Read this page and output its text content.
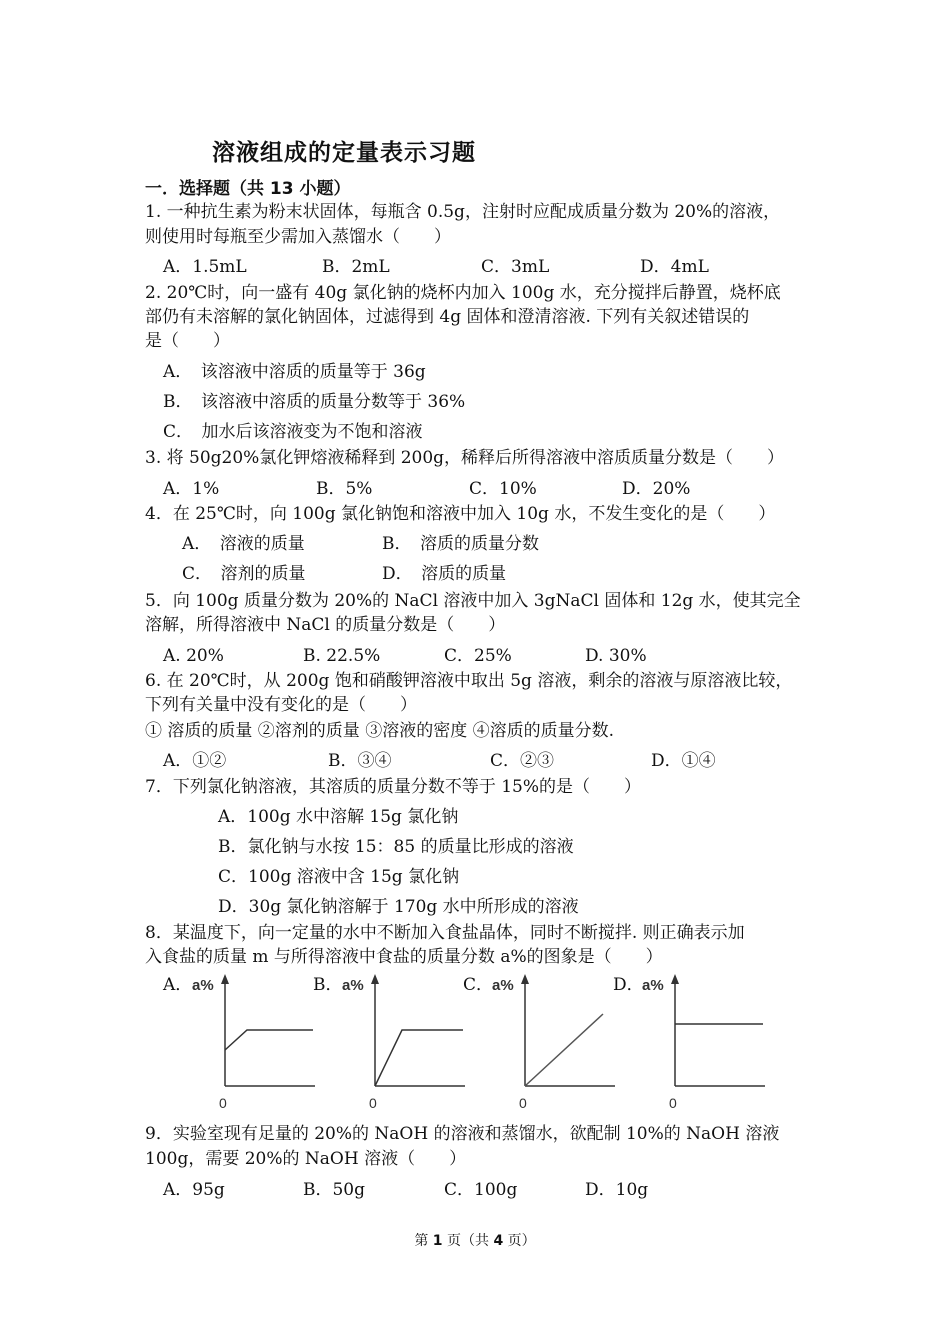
溶液组成的定量表示习题
一．选择题（共 13 小题）
1. 一种抗生素为粉末状固体，每瓶含 0.5g，注射时应配成质量分数为 20%的溶液，
则使用时每瓶至少需加入蒸馏水（　　）
A．1.5mL	B．2mL	C．3mL	D．4mL
2. 20℃时，向一盛有 40g 氯化钠的烧杯内加入 100g 水，充分搅拌后静置，烧杯底
部仍有未溶解的氯化钠固体，过滤得到 4g 固体和澄清溶液. 下列有关叙述错误的
是（　　）
A．　该溶液中溶质的质量等于 36g
B．　该溶液中溶质的质量分数等于 36%
C．　加水后该溶液变为不饱和溶液
3. 将 50g20%氯化钾熔液稀释到 200g，稀释后所得溶液中溶质质量分数是（　　）
A．1%	B．5%	C．10%	D．20%
4．在 25℃时，向 100g 氯化钠饱和溶液中加入 10g 水，不发生变化的是（　　）
A．　溶液的质量	B．　溶质的质量分数
C．　溶剂的质量	D．　溶质的质量
5．向 100g 质量分数为 20%的 NaCl 溶液中加入 3gNaCl 固体和 12g 水，使其完全
溶解，所得溶液中 NaCl 的质量分数是（　　）
A. 20%	B. 22.5%	C．25%	D. 30%
6. 在 20℃时，从 200g 饱和硝酸钾溶液中取出 5g 溶液，剩余的溶液与原溶液比较，
下列有关量中没有变化的是（　　）
① 溶质的质量 ②溶剂的质量 ③溶液的密度 ④溶质的质量分数.
A．①②	B．③④	C．②③	D．①④
7．下列氯化钠溶液，其溶质的质量分数不等于 15%的是（　　）
A．100g 水中溶解 15g 氯化钠
B．氯化钠与水按 15：85 的质量比形成的溶液
C．100g 溶液中含 15g 氯化钠
D．30g 氯化钠溶解于 170g 水中所形成的溶液
8．某温度下，向一定量的水中不断加入食盐晶体，同时不断搅拌. 则正确表示加
入食盐的质量 m 与所得溶液中食盐的质量分数 a%的图象是（　　）
A．	B．	C．	D．
a%
0
a%
0
a%
0
a%
0
9．实验室现有足量的 20%的 NaOH 的溶液和蒸馏水，欲配制 10%的 NaOH 溶液
100g，需要 20%的 NaOH 溶液（　　）
A．95g	B．50g	C．100g	D．10g
第 1 页（共 4 页）
